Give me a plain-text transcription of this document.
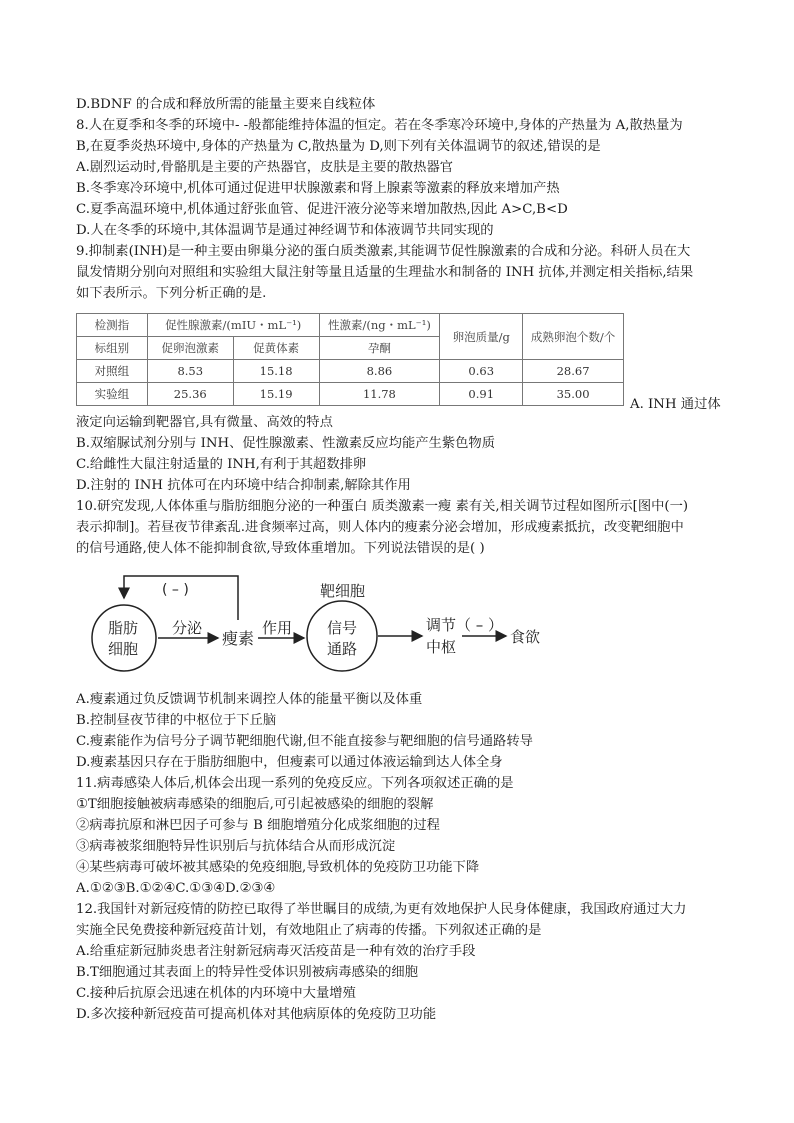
D.BDNF 的合成和释放所需的能量主要来自线粒体
8.人在夏季和冬季的环境中- -般都能维持体温的恒定。若在冬季寒冷环境中,身体的产热量为 A,散热量为
B,在夏季炎热环境中,身体的产热量为 C,散热量为 D,则下列有关体温调节的叙述,错误的是
A.剧烈运动时,骨骼肌是主要的产热器官，皮肤是主要的散热器官
B.冬季寒冷环境中,机体可通过促进甲状腺激素和肾上腺素等激素的释放来增加产热
C.夏季高温环境中,机体通过舒张血管、促进汗液分泌等来增加散热,因此 A>C,B<D
D.人在冬季的环境中,其体温调节是通过神经调节和体液调节共同实现的
9.抑制素(INH)是一种主要由卵巢分泌的蛋白质类激素,其能调节促性腺激素的合成和分泌。科研人员在大
鼠发情期分别向对照组和实验组大鼠注射等量且适量的生理盐水和制备的 INH 抗体,并测定相关指标,结果
如下表所示。下列分析正确的是.
检测指	促性腺激素/(mIU・mL⁻¹)		性激素/(ng・mL⁻¹)	卵泡质量/g	成熟卵泡个数/个
标组别	促卵泡激素	促黄体素	孕酮		
对照组	8.53	15.18	8.86	0.63	28.67
实验组	25.36	15.19	11.78	0.91	35.00
A. INH 通过体
液定向运输到靶器官,具有微量、高效的特点
B.双缩脲试剂分别与 INH、促性腺激素、性激素反应均能产生紫色物质
C.给雌性大鼠注射适量的 INH,有利于其超数排卵
D.注射的 INH 抗体可在内环境中结合抑制素,解除其作用
10.研究发现,人体体重与脂肪细胞分泌的一种蛋白 质类激素一瘦 素有关,相关调节过程如图所示[图中(一)
表示抑制]。若昼夜节律紊乱.进食频率过高，则人体内的瘦素分泌会增加，形成瘦素抵抗，改变靶细胞中
的信号通路,使人体不能抑制食欲,导致体重增加。下列说法错误的是( )
( – )
脂肪
细胞
分泌
瘦素
作用
靶细胞
信号
通路
调节（ – ）
中枢
食欲
A.瘦素通过负反馈调节机制来调控人体的能量平衡以及体重
B.控制昼夜节律的中枢位于下丘脑
C.瘦素能作为信号分子调节靶细胞代谢,但不能直接参与靶细胞的信号通路转导
D.瘦素基因只存在于脂肪细胞中，但瘦素可以通过体液运输到达人体全身
11.病毒感染人体后,机体会出现一系列的免疫反应。下列各项叙述正确的是
①T细胞接触被病毒感染的细胞后,可引起被感染的细胞的裂解
②病毒抗原和淋巴因子可参与 B 细胞增殖分化成浆细胞的过程
③病毒被浆细胞特异性识别后与抗体结合从而形成沉淀
④某些病毒可破坏被其感染的免疫细胞,导致机体的免疫防卫功能下降
A.①②③B.①②④C.①③④D.②③④
12.我国针对新冠疫情的防控已取得了举世瞩目的成绩,为更有效地保护人民身体健康，我国政府通过大力
实施全民免费接种新冠疫苗计划，有效地阻止了病毒的传播。下列叙述正确的是
A.给重症新冠肺炎患者注射新冠病毒灭活疫苗是一种有效的治疗手段
B.T细胞通过其表面上的特异性受体识别被病毒感染的细胞
C.接种后抗原会迅速在机体的内环境中大量增殖
D.多次接种新冠疫苗可提高机体对其他病原体的免疫防卫功能
